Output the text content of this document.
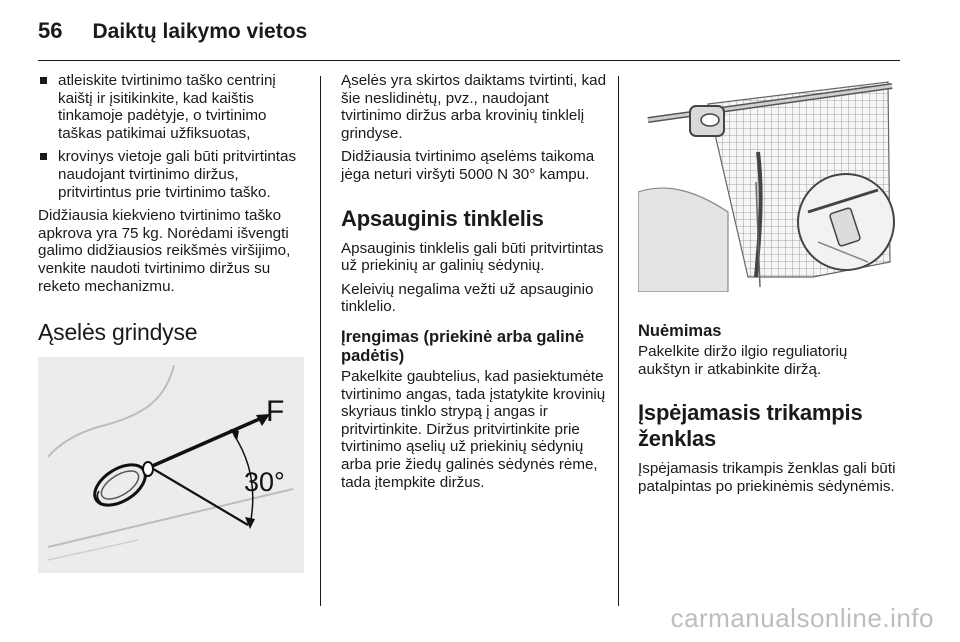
56 Daiktų laikymo vietos
atleiskite tvirtinimo taško centrinį kaištį ir įsitikinkite, kad kaištis tinkamoje padėtyje, o tvirtinimo taškas patikimai užfiksuotas,
krovinys vietoje gali būti pritvirtintas naudojant tvirtinimo diržus, pritvirtintus prie tvirtinimo taško.

Didžiausia kiekvieno tvirtinimo taško apkrova yra 75 kg. Norėdami išvengti galimo didžiausios reikšmės viršijimo, venkite naudoti tvirtinimo diržus su reketo mechanizmu.

Ąselės grindyse
F
30°

Ąselės yra skirtos daiktams tvirtinti, kad šie neslidinėtų, pvz., naudojant tvirtinimo diržus arba krovinių tinklelį grindyse.

Didžiausia tvirtinimo ąselėms taikoma jėga neturi viršyti 5000 N 30° kampu.

Apsauginis tinklelis

Apsauginis tinklelis gali būti pritvirtintas už priekinių ar galinių sėdynių.

Keleivių negalima vežti už apsauginio tinklelio.

Įrengimas (priekinė arba galinė padėtis)

Pakelkite gaubtelius, kad pasiektumėte tvirtinimo angas, tada įstatykite krovinių skyriaus tinklo strypą į angas ir pritvirtinkite. Diržus pritvirtinkite prie tvirtinimo ąselių už priekinių sėdynių arba prie žiedų galinės sėdynės rėme, tada įtempkite diržus.

Nuėmimas

Pakelkite diržo ilgio reguliatorių aukštyn ir atkabinkite diržą.

Įspėjamasis trikampis ženklas

Įspėjamasis trikampis ženklas gali būti patalpintas po priekinėmis sėdynėmis.

carmanualsonline.info
